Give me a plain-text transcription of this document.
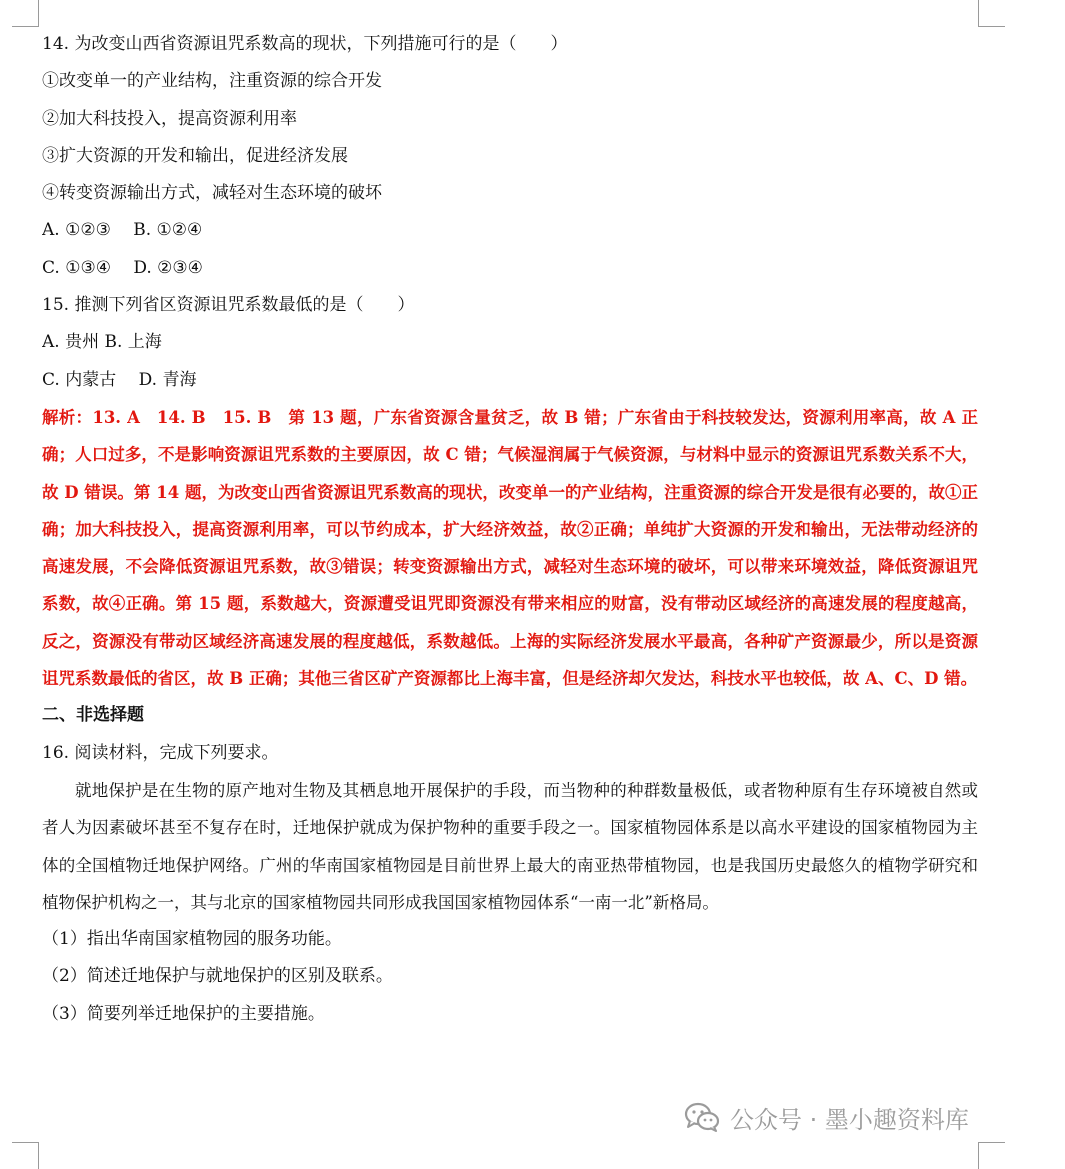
14. 为改变山西省资源诅咒系数高的现状，下列措施可行的是（　　）
①改变单一的产业结构，注重资源的综合开发
②加大科技投入，提高资源利用率
③扩大资源的开发和输出，促进经济发展
④转变资源输出方式，减轻对生态环境的破坏
A. ①②③　 B. ①②④
C. ①③④　 D. ②③④
15. 推测下列省区资源诅咒系数最低的是（　　）
A. 贵州 B. 上海
C. 内蒙古　 D. 青海
解析：13. A　14. B　15. B　第 13 题，广东省资源含量贫乏，故 B 错；广东省由于科技较发达，资源利用率高，故 A 正确；人口过多，不是影响资源诅咒系数的主要原因，故 C 错；气候湿润属于气候资源，与材料中显示的资源诅咒系数关系不大，故 D 错误。第 14 题，为改变山西省资源诅咒系数高的现状，改变单一的产业结构，注重资源的综合开发是很有必要的，故①正确；加大科技投入，提高资源利用率，可以节约成本，扩大经济效益，故②正确；单纯扩大资源的开发和输出，无法带动经济的高速发展，不会降低资源诅咒系数，故③错误；转变资源输出方式，减轻对生态环境的破坏，可以带来环境效益，降低资源诅咒系数，故④正确。第 15 题，系数越大，资源遭受诅咒即资源没有带来相应的财富，没有带动区域经济的高速发展的程度越高，反之，资源没有带动区域经济高速发展的程度越低，系数越低。上海的实际经济发展水平最高，各种矿产资源最少，所以是资源诅咒系数最低的省区，故 B 正确；其他三省区矿产资源都比上海丰富，但是经济却欠发达，科技水平也较低，故 A、C、D 错。
二、非选择题
16. 阅读材料，完成下列要求。
就地保护是在生物的原产地对生物及其栖息地开展保护的手段，而当物种的种群数量极低，或者物种原有生存环境被自然或者人为因素破坏甚至不复存在时，迁地保护就成为保护物种的重要手段之一。国家植物园体系是以高水平建设的国家植物园为主体的全国植物迁地保护网络。广州的华南国家植物园是目前世界上最大的南亚热带植物园，也是我国历史最悠久的植物学研究和植物保护机构之一，其与北京的国家植物园共同形成我国国家植物园体系“一南一北”新格局。
（1）指出华南国家植物园的服务功能。
（2）简述迁地保护与就地保护的区别及联系。
（3）简要列举迁地保护的主要措施。
公众号 · 墨小趣资料库
